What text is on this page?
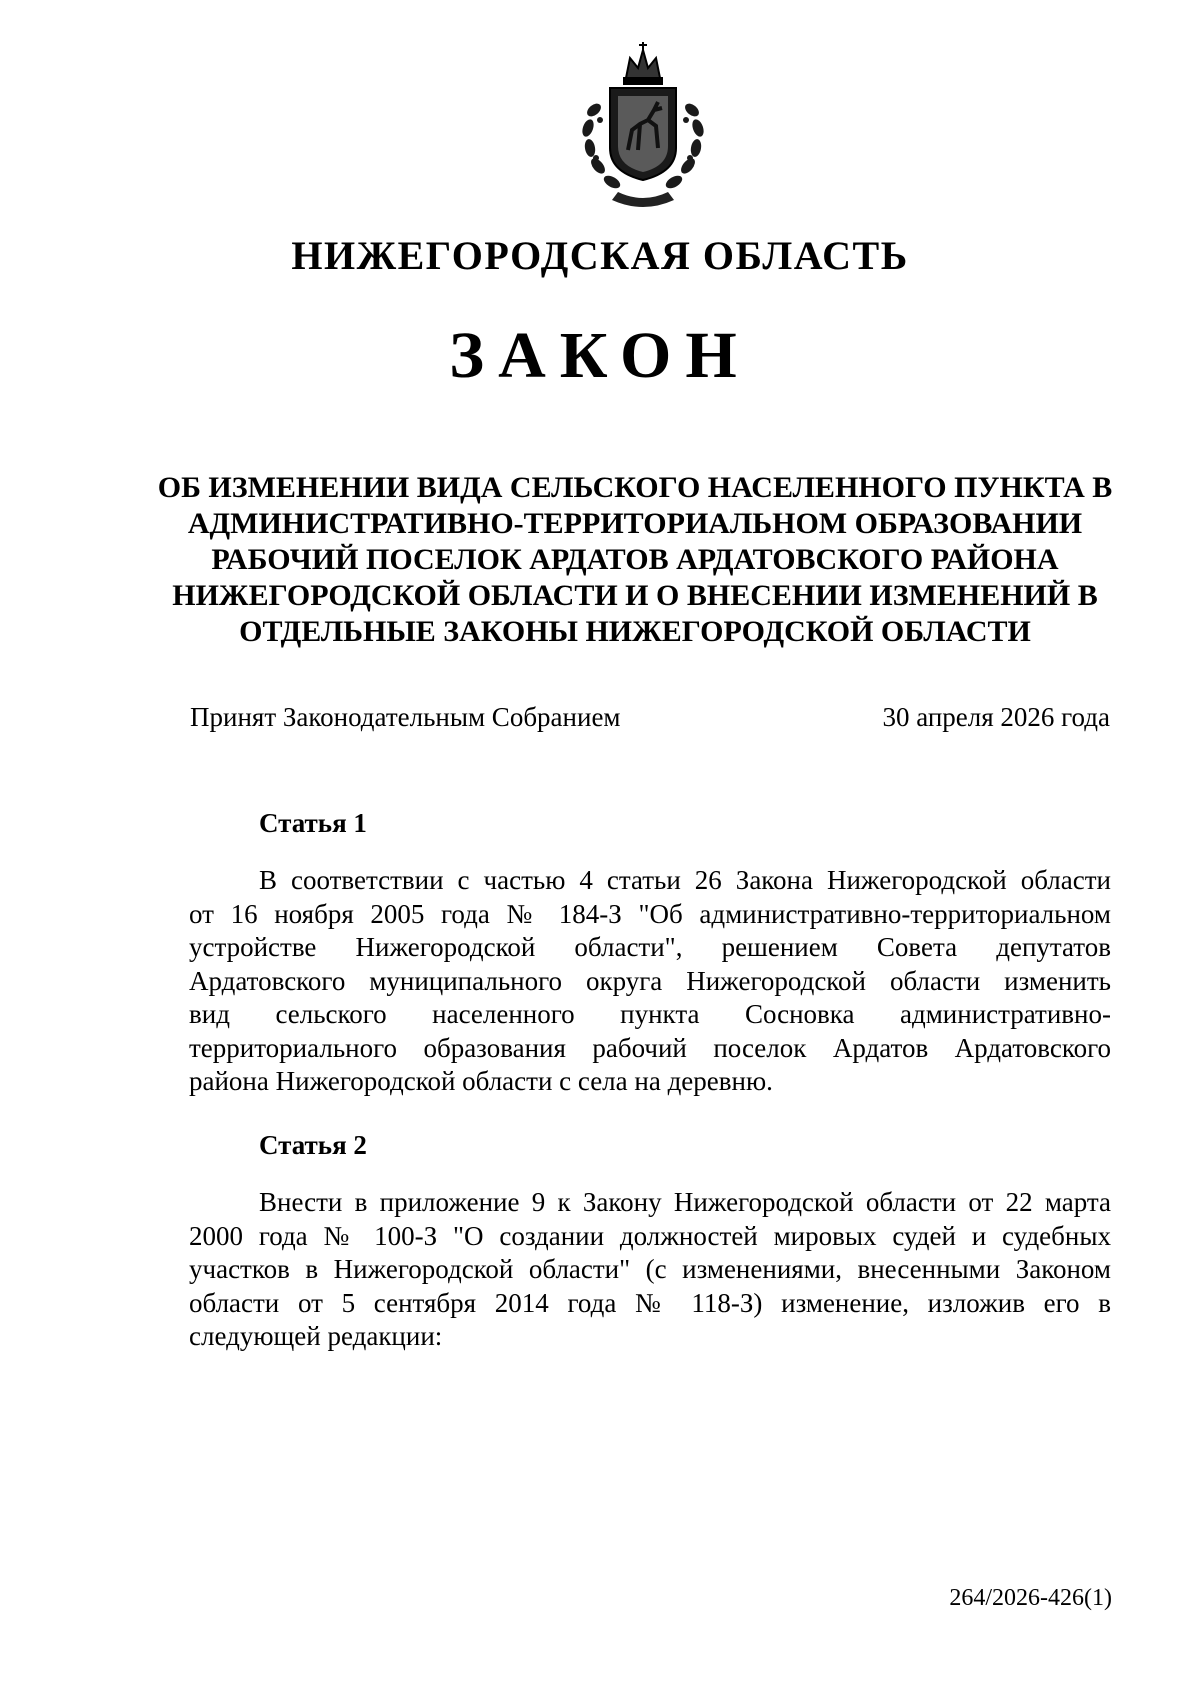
НИЖЕГОРОДСКАЯ ОБЛАСТЬ
ЗАКОН
ОБ ИЗМЕНЕНИИ ВИДА СЕЛЬСКОГО НАСЕЛЕННОГО ПУНКТА В
АДМИНИСТРАТИВНО-ТЕРРИТОРИАЛЬНОМ ОБРАЗОВАНИИ
РАБОЧИЙ ПОСЕЛОК АРДАТОВ АРДАТОВСКОГО РАЙОНА
НИЖЕГОРОДСКОЙ ОБЛАСТИ И О ВНЕСЕНИИ ИЗМЕНЕНИЙ В
ОТДЕЛЬНЫЕ ЗАКОНЫ НИЖЕГОРОДСКОЙ ОБЛАСТИ
Принят Законодательным Собранием	30 апреля 2026 года
Статья 1
В соответствии с частью 4 статьи 26 Закона Нижегородской области
от 16 ноября 2005 года № 184-З "Об административно-территориальном
устройстве Нижегородской области", решением Совета депутатов
Ардатовского муниципального округа Нижегородской области изменить
вид сельского населенного пункта Сосновка административно-
территориального образования рабочий поселок Ардатов Ардатовского
района Нижегородской области с села на деревню.
Статья 2
Внести в приложение 9 к Закону Нижегородской области от 22 марта
2000 года № 100-З "О создании должностей мировых судей и судебных
участков в Нижегородской области" (с изменениями, внесенными Законом
области от 5 сентября 2014 года № 118-З) изменение, изложив его в
следующей редакции:
264/2026-426(1)
